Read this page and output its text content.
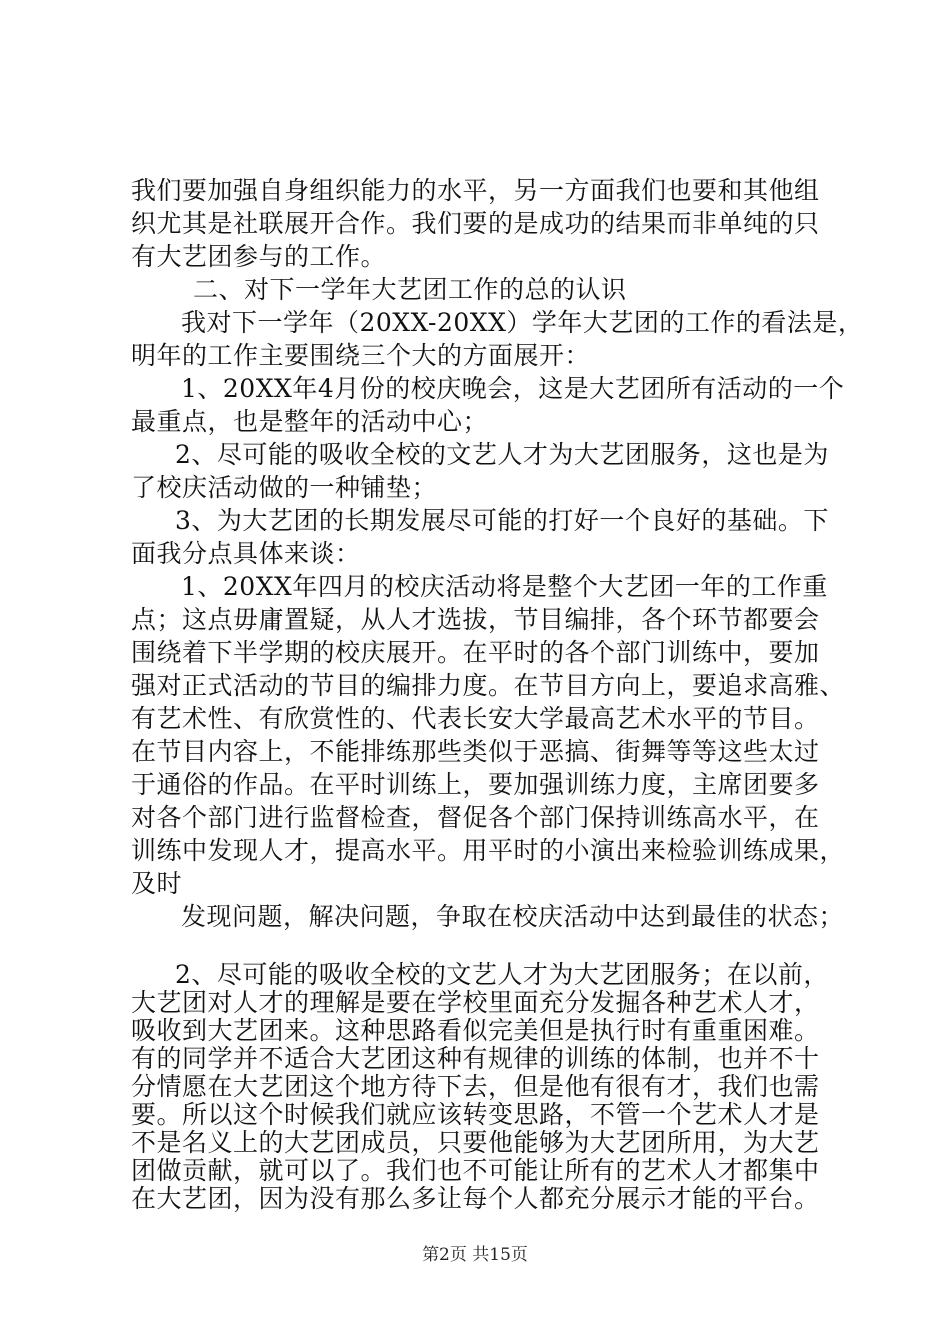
我们要加强自身组织能力的水平，另一方面我们也要和其他组
织尤其是社联展开合作。我们要的是成功的结果而非单纯的只
有大艺团参与的工作。
二、对下一学年大艺团工作的总的认识
我对下一学年（20XX-20XX）学年大艺团的工作的看法是，
明年的工作主要围绕三个大的方面展开：
1、20XX年4月份的校庆晚会，这是大艺团所有活动的一个
最重点，也是整年的活动中心；
2、尽可能的吸收全校的文艺人才为大艺团服务，这也是为
了校庆活动做的一种铺垫；
3、为大艺团的长期发展尽可能的打好一个良好的基础。下
面我分点具体来谈：
1、20XX年四月的校庆活动将是整个大艺团一年的工作重
点；这点毋庸置疑，从人才选拔，节目编排，各个环节都要会
围绕着下半学期的校庆展开。在平时的各个部门训练中，要加
强对正式活动的节目的编排力度。在节目方向上，要追求高雅、
有艺术性、有欣赏性的、代表长安大学最高艺术水平的节目。
在节目内容上，不能排练那些类似于恶搞、街舞等等这些太过
于通俗的作品。在平时训练上，要加强训练力度，主席团要多
对各个部门进行监督检查，督促各个部门保持训练高水平，在
训练中发现人才，提高水平。用平时的小演出来检验训练成果，
及时
发现问题，解决问题，争取在校庆活动中达到最佳的状态；
2、尽可能的吸收全校的文艺人才为大艺团服务；在以前，
大艺团对人才的理解是要在学校里面充分发掘各种艺术人才，
吸收到大艺团来。这种思路看似完美但是执行时有重重困难。
有的同学并不适合大艺团这种有规律的训练的体制，也并不十
分情愿在大艺团这个地方待下去，但是他有很有才，我们也需
要。所以这个时候我们就应该转变思路，不管一个艺术人才是
不是名义上的大艺团成员，只要他能够为大艺团所用，为大艺
团做贡献，就可以了。我们也不可能让所有的艺术人才都集中
第2页 共15页
在大艺团，因为没有那么多让每个人都充分展示才能的平台。
